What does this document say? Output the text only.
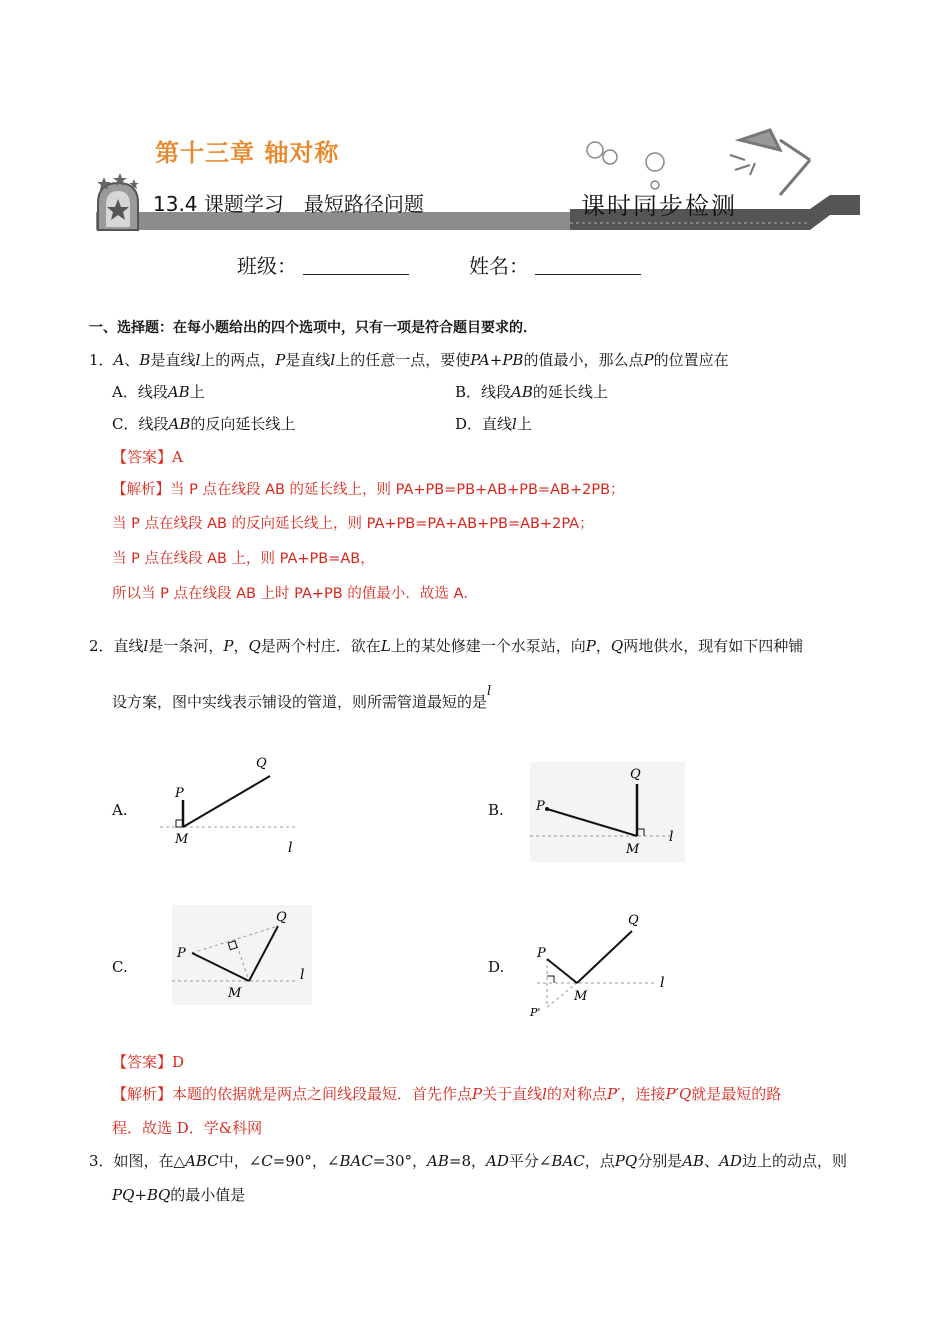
第十三章 轴对称
13.4 课题学习　最短路径问题	课时同步检测
班级：	姓名：
一、选择题：在每小题给出的四个选项中，只有一项是符合题目要求的．
1．A、B是直线l上的两点，P是直线l上的任意一点，要使PA+PB的值最小，那么点P的位置应在
A．线段AB上	B．线段AB的延长线上
C．线段AB的反向延长线上	D．直线l上
【答案】A
【解析】当 P 点在线段 AB 的延长线上，则 PA+PB=PB+AB+PB=AB+2PB；
当 P 点在线段 AB 的反向延长线上，则 PA+PB=PA+AB+PB=AB+2PA；
当 P 点在线段 AB 上，则 PA+PB=AB，
所以当 P 点在线段 AB 上时 PA+PB 的值最小．故选 A．
2．直线l是一条河，P，Q是两个村庄．欲在L上的某处修建一个水泵站，向P，Q两地供水，现有如下四种铺
设方案，图中实线表示铺设的管道，则所需管道最短的是l
A.	B.
C.	D.
P
Q
M
l
P
Q
M
l
P
Q
M
l
P
Q
M
l
P'
【答案】D
【解析】本题的依据就是两点之间线段最短．首先作点P关于直线l的对称点P′，连接P′Q就是最短的路
程．故选 D．学&科网
3．如图，在△ABC中，∠C=90°，∠BAC=30°，AB=8，AD平分∠BAC，点PQ分别是AB、AD边上的动点，则
PQ+BQ的最小值是
